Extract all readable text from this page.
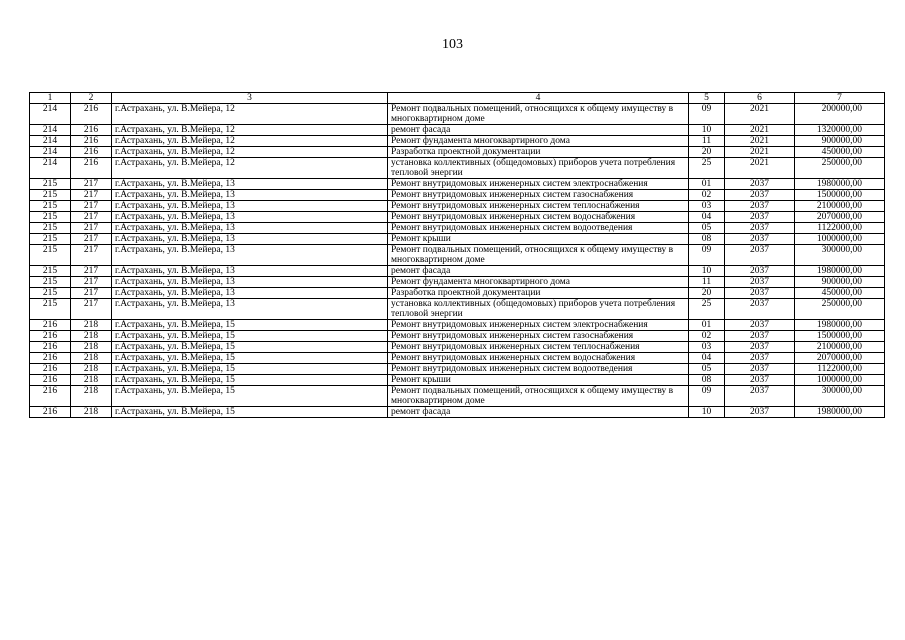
103
1	2	3	4	5	6	7
214	216	г.Астрахань, ул. В.Мейера, 12	Ремонт подвальных помещений, относящихся к общему имуществу в многоквартирном доме	09	2021	200000,00
214	216	г.Астрахань, ул. В.Мейера, 12	ремонт фасада	10	2021	1320000,00
214	216	г.Астрахань, ул. В.Мейера, 12	Ремонт фундамента многоквартирного дома	11	2021	900000,00
214	216	г.Астрахань, ул. В.Мейера, 12	Разработка проектной документации	20	2021	450000,00
214	216	г.Астрахань, ул. В.Мейера, 12	установка коллективных (общедомовых) приборов учета потребления тепловой энергии	25	2021	250000,00
215	217	г.Астрахань, ул. В.Мейера, 13	Ремонт внутридомовых инженерных систем электроснабжения	01	2037	1980000,00
215	217	г.Астрахань, ул. В.Мейера, 13	Ремонт внутридомовых инженерных систем газоснабжения	02	2037	1500000,00
215	217	г.Астрахань, ул. В.Мейера, 13	Ремонт внутридомовых инженерных систем теплоснабжения	03	2037	2100000,00
215	217	г.Астрахань, ул. В.Мейера, 13	Ремонт внутридомовых инженерных систем водоснабжения	04	2037	2070000,00
215	217	г.Астрахань, ул. В.Мейера, 13	Ремонт внутридомовых инженерных систем водоотведения	05	2037	1122000,00
215	217	г.Астрахань, ул. В.Мейера, 13	Ремонт крыши	08	2037	1000000,00
215	217	г.Астрахань, ул. В.Мейера, 13	Ремонт подвальных помещений, относящихся к общему имуществу в многоквартирном доме	09	2037	300000,00
215	217	г.Астрахань, ул. В.Мейера, 13	ремонт фасада	10	2037	1980000,00
215	217	г.Астрахань, ул. В.Мейера, 13	Ремонт фундамента многоквартирного дома	11	2037	900000,00
215	217	г.Астрахань, ул. В.Мейера, 13	Разработка проектной документации	20	2037	450000,00
215	217	г.Астрахань, ул. В.Мейера, 13	установка коллективных (общедомовых) приборов учета потребления тепловой энергии	25	2037	250000,00
216	218	г.Астрахань, ул. В.Мейера, 15	Ремонт внутридомовых инженерных систем электроснабжения	01	2037	1980000,00
216	218	г.Астрахань, ул. В.Мейера, 15	Ремонт внутридомовых инженерных систем газоснабжения	02	2037	1500000,00
216	218	г.Астрахань, ул. В.Мейера, 15	Ремонт внутридомовых инженерных систем теплоснабжения	03	2037	2100000,00
216	218	г.Астрахань, ул. В.Мейера, 15	Ремонт внутридомовых инженерных систем водоснабжения	04	2037	2070000,00
216	218	г.Астрахань, ул. В.Мейера, 15	Ремонт внутридомовых инженерных систем водоотведения	05	2037	1122000,00
216	218	г.Астрахань, ул. В.Мейера, 15	Ремонт крыши	08	2037	1000000,00
216	218	г.Астрахань, ул. В.Мейера, 15	Ремонт подвальных помещений, относящихся к общему имуществу в многоквартирном доме	09	2037	300000,00
216	218	г.Астрахань, ул. В.Мейера, 15	ремонт фасада	10	2037	1980000,00
